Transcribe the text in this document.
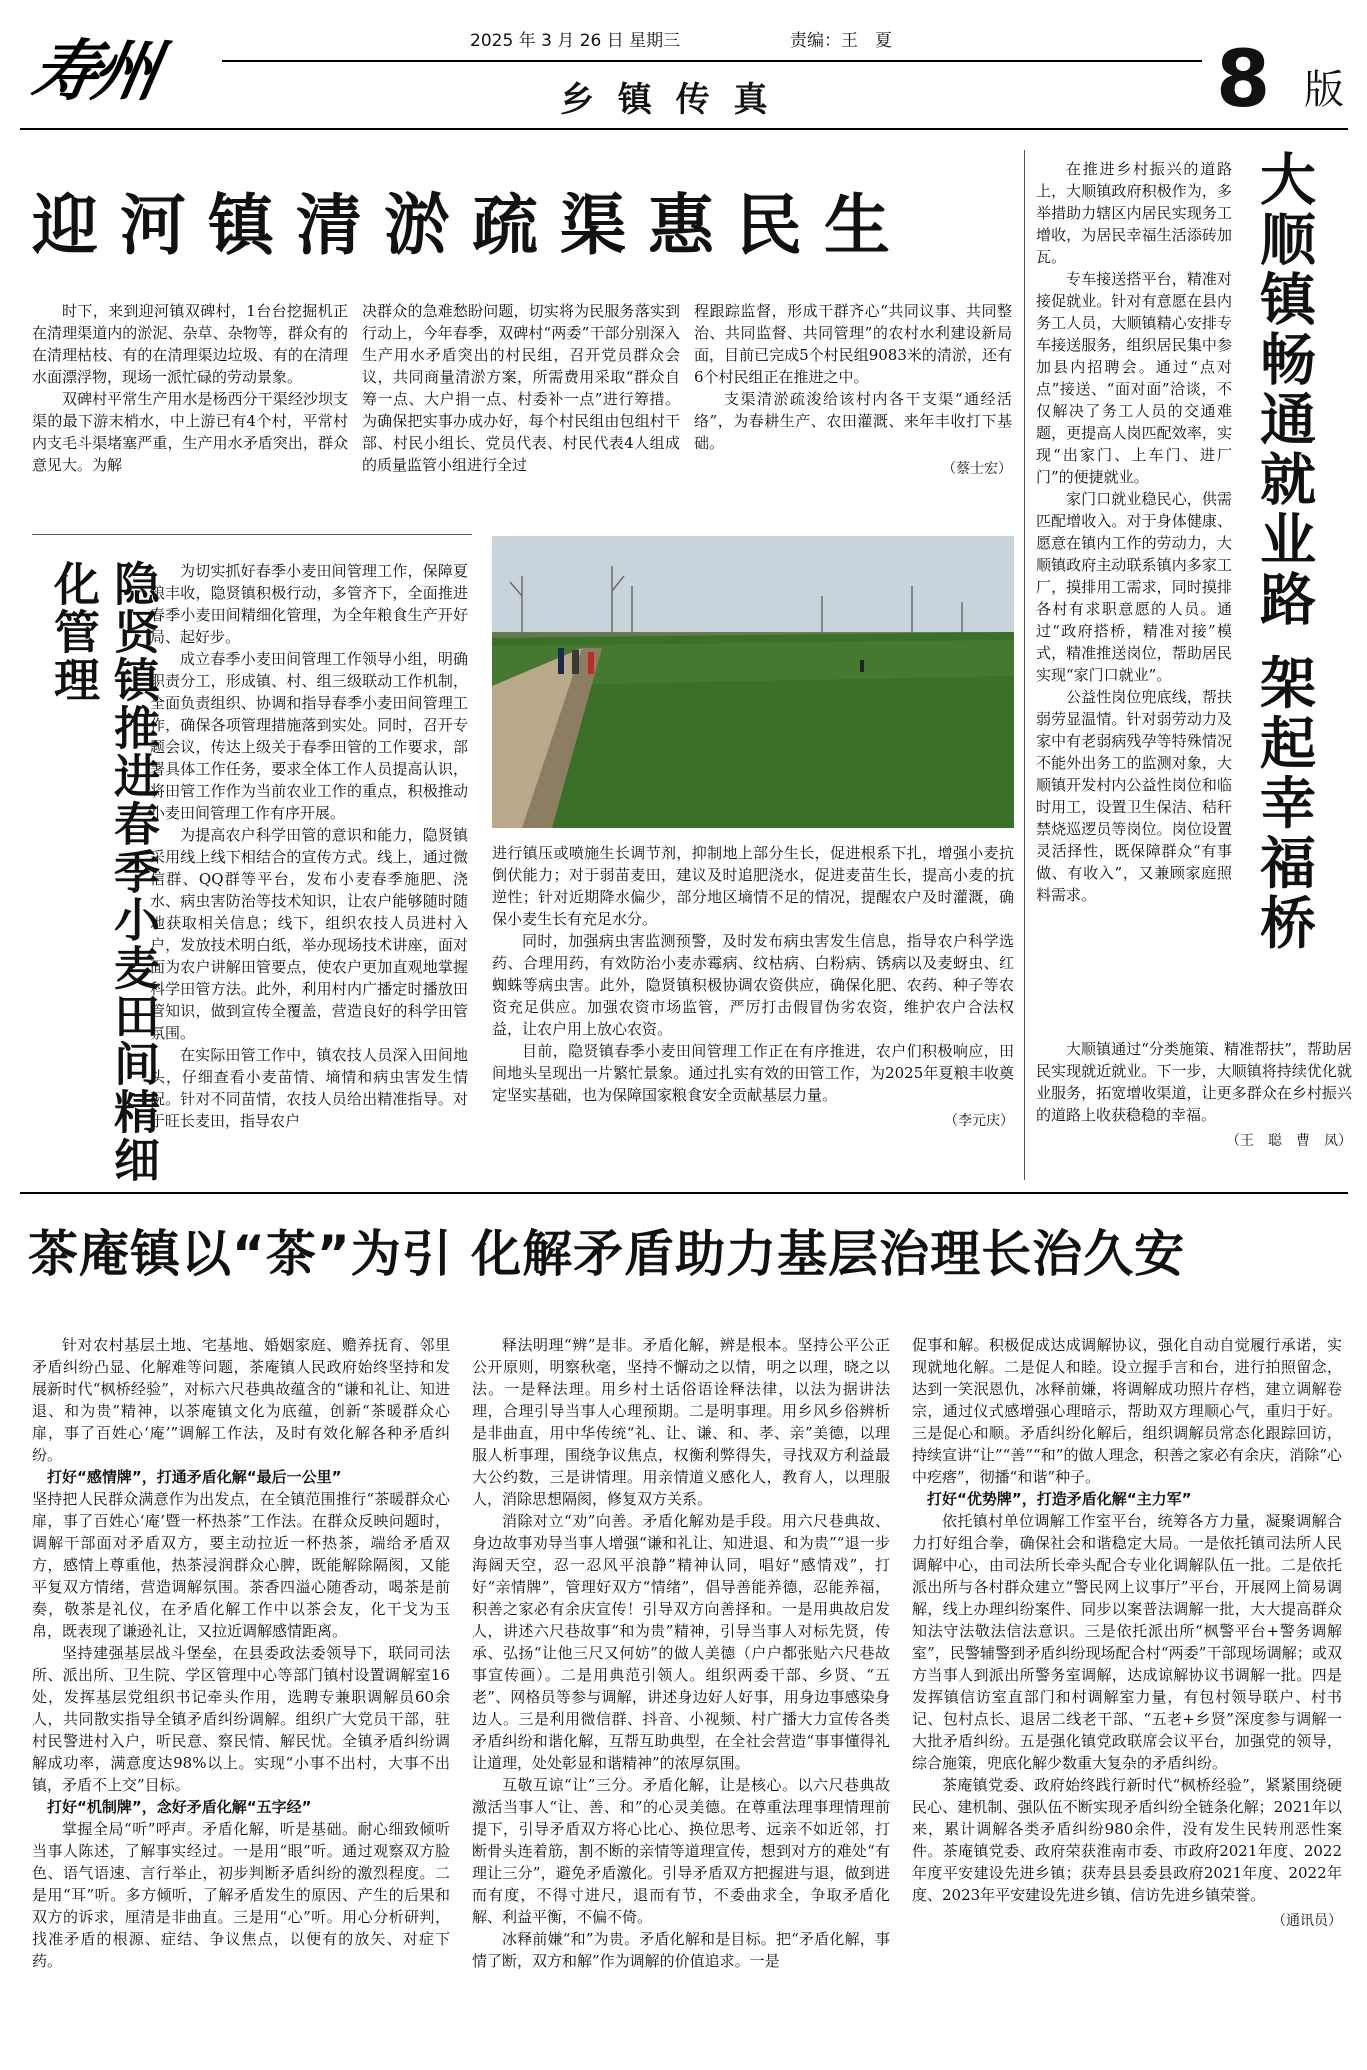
寿州	2025 年 3 月 26 日 星期三	责编：王　夏
乡 镇 传 真	8 版
迎河镇清淤疏渠惠民生

时下，来到迎河镇双碑村，1台台挖掘机正在清理渠道内的淤泥、杂草、杂物等，群众有的在清理枯枝、有的在清理渠边垃圾、有的在清理水面漂浮物，现场一派忙碌的劳动景象。

双碑村平常生产用水是杨西分干渠经沙坝支渠的最下游末梢水，中上游已有4个村，平常村内支毛斗渠堵塞严重，生产用水矛盾突出，群众意见大。为解

决群众的急难愁盼问题，切实将为民服务落实到行动上，今年春季，双碑村“两委”干部分别深入生产用水矛盾突出的村民组，召开党员群众会议，共同商量清淤方案，所需费用采取“群众自筹一点、大户捐一点、村委补一点”进行筹措。为确保把实事办成办好，每个村民组由包组村干部、村民小组长、党员代表、村民代表4人组成的质量监管小组进行全过

程跟踪监督，形成干群齐心“共同议事、共同整治、共同监督、共同管理”的农村水利建设新局面，目前已完成5个村民组9083米的清淤，还有6个村民组正在推进之中。

支渠清淤疏浚给该村内各干支渠“通经活络”，为春耕生产、农田灌溉、来年丰收打下基础。

（蔡士宏）

在推进乡村振兴的道路上，大顺镇政府积极作为，多举措助力辖区内居民实现务工增收，为居民幸福生活添砖加瓦。

专车接送搭平台，精准对接促就业。针对有意愿在县内务工人员，大顺镇精心安排专车接送服务，组织居民集中参加县内招聘会。通过“点对点”接送、“面对面”洽谈，不仅解决了务工人员的交通难题，更提高人岗匹配效率，实现“出家门、上车门、进厂门”的便捷就业。

家门口就业稳民心，供需匹配增收入。对于身体健康、愿意在镇内工作的劳动力，大顺镇政府主动联系镇内多家工厂，摸排用工需求，同时摸排各村有求职意愿的人员。通过“政府搭桥，精准对接”模式，精准推送岗位，帮助居民实现“家门口就业”。

公益性岗位兜底线，帮扶弱劳显温情。针对弱劳动力及家中有老弱病残孕等特殊情况不能外出务工的监测对象，大顺镇开发村内公益性岗位和临时用工，设置卫生保洁、秸秆禁烧巡逻员等岗位。岗位设置灵活择性，既保障群众“有事做、有收入”，又兼顾家庭照料需求。	大顺镇畅通就业路 架起幸福桥

大顺镇通过“分类施策、精准帮扶”，帮助居民实现就近就业。下一步，大顺镇将持续优化就业服务，拓宽增收渠道，让更多群众在乡村振兴的道路上收获稳稳的幸福。

（王　聪　曹　凤）
隐贤镇推进春季小麦田间精细化管理	为切实抓好春季小麦田间管理工作，保障夏粮丰收，隐贤镇积极行动，多管齐下，全面推进春季小麦田间精细化管理，为全年粮食生产开好局、起好步。

成立春季小麦田间管理工作领导小组，明确职责分工，形成镇、村、组三级联动工作机制，全面负责组织、协调和指导春季小麦田间管理工作，确保各项管理措施落到实处。同时，召开专题会议，传达上级关于春季田管的工作要求，部署具体工作任务，要求全体工作人员提高认识，将田管工作作为当前农业工作的重点，积极推动小麦田间管理工作有序开展。

为提高农户科学田管的意识和能力，隐贤镇采用线上线下相结合的宣传方式。线上，通过微信群、QQ群等平台，发布小麦春季施肥、浇水、病虫害防治等技术知识，让农户能够随时随地获取相关信息；线下，组织农技人员进村入户，发放技术明白纸，举办现场技术讲座，面对面为农户讲解田管要点，使农户更加直观地掌握科学田管方法。此外，利用村内广播定时播放田管知识，做到宣传全覆盖，营造良好的科学田管氛围。

在实际田管工作中，镇农技人员深入田间地头，仔细查看小麦苗情、墒情和病虫害发生情况。针对不同苗情，农技人员给出精准指导。对于旺长麦田，指导农户

进行镇压或喷施生长调节剂，抑制地上部分生长，促进根系下扎，增强小麦抗倒伏能力；对于弱苗麦田，建议及时追肥浇水，促进麦苗生长，提高小麦的抗逆性；针对近期降水偏少，部分地区墒情不足的情况，提醒农户及时灌溉，确保小麦生长有充足水分。

同时，加强病虫害监测预警，及时发布病虫害发生信息，指导农户科学选药、合理用药，有效防治小麦赤霉病、纹枯病、白粉病、锈病以及麦蚜虫、红蜘蛛等病虫害。此外，隐贤镇积极协调农资供应，确保化肥、农药、种子等农资充足供应。加强农资市场监管，严厉打击假冒伪劣农资，维护农户合法权益，让农户用上放心农资。

目前，隐贤镇春季小麦田间管理工作正在有序推进，农户们积极响应，田间地头呈现出一片繁忙景象。通过扎实有效的田管工作，为2025年夏粮丰收奠定坚实基础，也为保障国家粮食安全贡献基层力量。

（李元庆）
茶庵镇以“茶”为引 化解矛盾助力基层治理长治久安

针对农村基层土地、宅基地、婚姻家庭、赡养抚育、邻里矛盾纠纷凸显、化解难等问题，茶庵镇人民政府始终坚持和发展新时代“枫桥经验”，对标六尺巷典故蕴含的“谦和礼让、知进退、和为贵”精神，以茶庵镇文化为底蕴，创新“茶暖群众心扉，事了百姓心‘庵’”调解工作法，及时有效化解各种矛盾纠纷。

打好“感情牌”，打通矛盾化解“最后一公里”

坚持把人民群众满意作为出发点，在全镇范围推行“茶暖群众心扉，事了百姓心‘庵’暨一杯热茶”工作法。在群众反映问题时，调解干部面对矛盾双方，要主动拉近一杯热茶，端给矛盾双方，感情上尊重他，热茶浸润群众心脾，既能解除隔阂，又能平复双方情绪，营造调解氛围。茶香四溢心随香动，喝茶是前奏，敬茶是礼仪，在矛盾化解工作中以茶会友，化干戈为玉帛，既表现了谦逊礼让，又拉近调解感情距离。

坚持建强基层战斗堡垒，在县委政法委领导下，联同司法所、派出所、卫生院、学区管理中心等部门镇村设置调解室16处，发挥基层党组织书记牵头作用，选聘专兼职调解员60余人，共同散实指导全镇矛盾纠纷调解。组织广大党员干部，驻村民警进村入户，听民意、察民情、解民忧。全镇矛盾纠纷调解成功率，满意度达98%以上。实现“小事不出村，大事不出镇，矛盾不上交”目标。

打好“机制牌”，念好矛盾化解“五字经”

掌握全局“听”呼声。矛盾化解，听是基础。耐心细致倾听当事人陈述，了解事实经过。一是用“眼”听。通过观察双方脸色、语气语速、言行举止，初步判断矛盾纠纷的激烈程度。二是用“耳”听。多方倾听，了解矛盾发生的原因、产生的后果和双方的诉求，厘清是非曲直。三是用“心”听。用心分析研判，找准矛盾的根源、症结、争议焦点，以便有的放矢、对症下药。

释法明理“辨”是非。矛盾化解，辨是根本。坚持公平公正公开原则，明察秋毫，坚持不懈动之以情，明之以理，晓之以法。一是释法理。用乡村土话俗语诠释法律，以法为据讲法理，合理引导当事人心理预期。二是明事理。用乡风乡俗辨析是非曲直，用中华传统“礼、让、谦、和、孝、亲”美德，以理服人析事理，围绕争议焦点，权衡利弊得失，寻找双方利益最大公约数，三是讲情理。用亲情道义感化人，教育人，以理服人，消除思想隔阂，修复双方关系。

消除对立“劝”向善。矛盾化解劝是手段。用六尺巷典故、身边故事劝导当事人增强“谦和礼让、知进退、和为贵”“退一步海阔天空，忍一忍风平浪静”精神认同，唱好“感情戏”，打好“亲情牌”，管理好双方“情绪”，倡导善能养德，忍能养福，积善之家必有余庆宣传！引导双方向善择和。一是用典故启发人，讲述六尺巷故事“和为贵”精神，引导当事人对标先贤，传承、弘扬“让他三尺又何妨”的做人美德（户户都张贴六尺巷故事宣传画）。二是用典范引领人。组织两委干部、乡贤、“五老”、网格员等参与调解，讲述身边好人好事，用身边事感染身边人。三是利用微信群、抖音、小视频、村广播大力宣传各类矛盾纠纷和谐化解，互帮互助典型，在全社会营造“事事懂得礼让道理，处处彰显和谐精神”的浓厚氛围。

互敬互谅“让”三分。矛盾化解，让是核心。以六尺巷典故激活当事人“让、善、和”的心灵美德。在尊重法理事理情理前提下，引导矛盾双方将心比心、换位思考、远亲不如近邻，打断骨头连着筋，割不断的亲情等道理宣传，想到对方的难处“有理让三分”，避免矛盾激化。引导矛盾双方把握进与退，做到进而有度，不得寸进尺，退而有节，不委曲求全，争取矛盾化解、利益平衡，不偏不倚。

冰释前嫌“和”为贵。矛盾化解和是目标。把“矛盾化解，事情了断，双方和解”作为调解的价值追求。一是

促事和解。积极促成达成调解协议，强化自动自觉履行承诺，实现就地化解。二是促人和睦。设立握手言和台，进行拍照留念，达到一笑泯恩仇，冰释前嫌，将调解成功照片存档，建立调解卷宗，通过仪式感增强心理暗示，帮助双方理顺心气，重归于好。三是促心和顺。矛盾纠纷化解后，组织调解员常态化跟踪回访，持续宣讲“让”“善”“和”的做人理念，积善之家必有余庆，消除“心中疙瘩”，彻播“和谐”种子。

打好“优势牌”，打造矛盾化解“主力军”

依托镇村单位调解工作室平台，统筹各方力量，凝聚调解合力打好组合拳，确保社会和谐稳定大局。一是依托镇司法所人民调解中心，由司法所长牵头配合专业化调解队伍一批。二是依托派出所与各村群众建立“警民网上议事厅”平台，开展网上简易调解，线上办理纠纷案件、同步以案普法调解一批，大大提高群众知法守法敬法信法意识。三是依托派出所“枫警平台+警务调解室”，民警辅警到矛盾纠纷现场配合村“两委”干部现场调解；或双方当事人到派出所警务室调解，达成谅解协议书调解一批。四是发挥镇信访室直部门和村调解室力量，有包村领导联户、村书记、包村点长、退居二线老干部、“五老+乡贤”深度参与调解一大批矛盾纠纷。五是强化镇党政联席会议平台，加强党的领导，综合施策，兜底化解少数重大复杂的矛盾纠纷。

茶庵镇党委、政府始终践行新时代“枫桥经验”，紧紧围绕硬民心、建机制、强队伍不断实现矛盾纠纷全链条化解；2021年以来，累计调解各类矛盾纠纷980余件，没有发生民转刑恶性案件。茶庵镇党委、政府荣获淮南市委、市政府2021年度、2022年度平安建设先进乡镇；获寿县县委县政府2021年度、2022年度、2023年平安建设先进乡镇、信访先进乡镇荣誉。

（通讯员）
